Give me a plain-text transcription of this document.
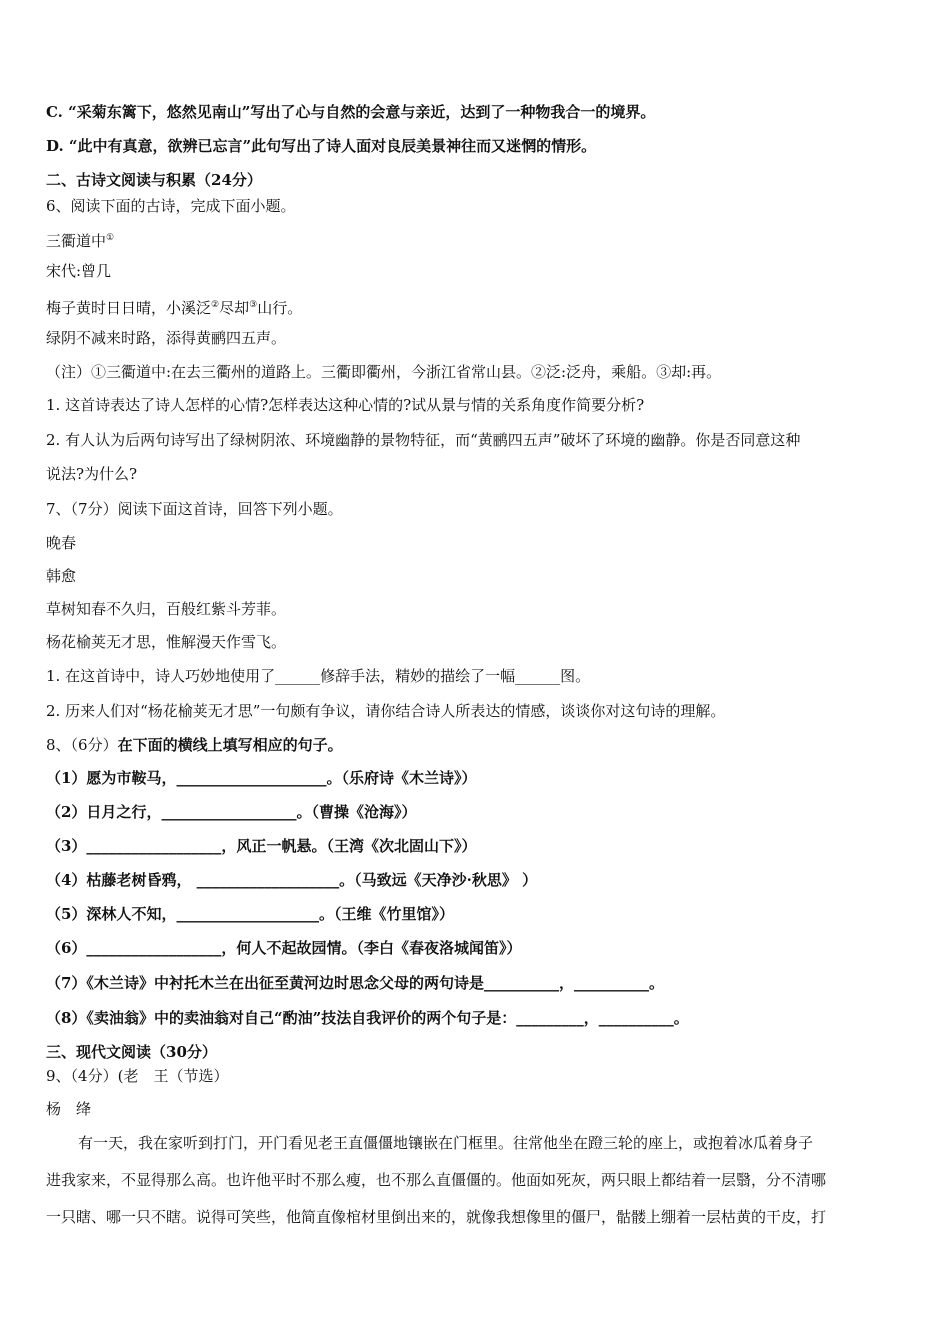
C. “采菊东篱下，悠然见南山”写出了心与自然的会意与亲近，达到了一种物我合一的境界。
D. “此中有真意，欲辨已忘言”此句写出了诗人面对良辰美景神往而又迷惘的情形。
二、古诗文阅读与积累（24分）
6、阅读下面的古诗，完成下面小题。
三衢道中①
宋代:曾几
梅子黄时日日晴，小溪泛②尽却③山行。
绿阴不减来时路，添得黄鹂四五声。
（注）①三衢道中:在去三衢州的道路上。三衢即衢州，今浙江省常山县。②泛:泛舟，乘船。③却:再。
1. 这首诗表达了诗人怎样的心情?怎样表达这种心情的?试从景与情的关系角度作简要分析?
2. 有人认为后两句诗写出了绿树阴浓、环境幽静的景物特征，而“黄鹂四五声”破坏了环境的幽静。你是否同意这种
说法?为什么?
7、（7分）阅读下面这首诗，回答下列小题。
晚春
韩愈
草树知春不久归，百般红紫斗芳菲。
杨花榆荚无才思，惟解漫天作雪飞。
1. 在这首诗中，诗人巧妙地使用了______修辞手法，精妙的描绘了一幅______图。
2. 历来人们对“杨花榆荚无才思”一句颇有争议，请你结合诗人所表达的情感，谈谈你对这句诗的理解。
8、（6分）在下面的横线上填写相应的句子。
（1）愿为市鞍马，____________________。（乐府诗《木兰诗》）
（2）日月之行，__________________。（曹操《沧海》）
（3）__________________，风正一帆悬。（王湾《次北固山下》）
（4）枯藤老树昏鸦， ___________________。（马致远《天净沙·秋思》 ）
（5）深林人不知，___________________。（王维《竹里馆》）
（6）__________________，何人不起故园情。（李白《春夜洛城闻笛》）
（7）《木兰诗》中衬托木兰在出征至黄河边时思念父母的两句诗是__________，__________。
（8）《卖油翁》中的卖油翁对自己“酌油”技法自我评价的两个句子是：_________，__________。
三、现代文阅读（30分）
9、（4分）(老　王（节选）
杨　绛
有一天，我在家听到打门，开门看见老王直僵僵地镶嵌在门框里。往常他坐在蹬三轮的座上，或抱着冰瓜着身子
进我家来，不显得那么高。也许他平时不那么瘦，也不那么直僵僵的。他面如死灰，两只眼上都结着一层翳，分不清哪
一只瞎、哪一只不瞎。说得可笑些，他简直像棺材里倒出来的，就像我想像里的僵尸，骷髅上绷着一层枯黄的干皮，打
